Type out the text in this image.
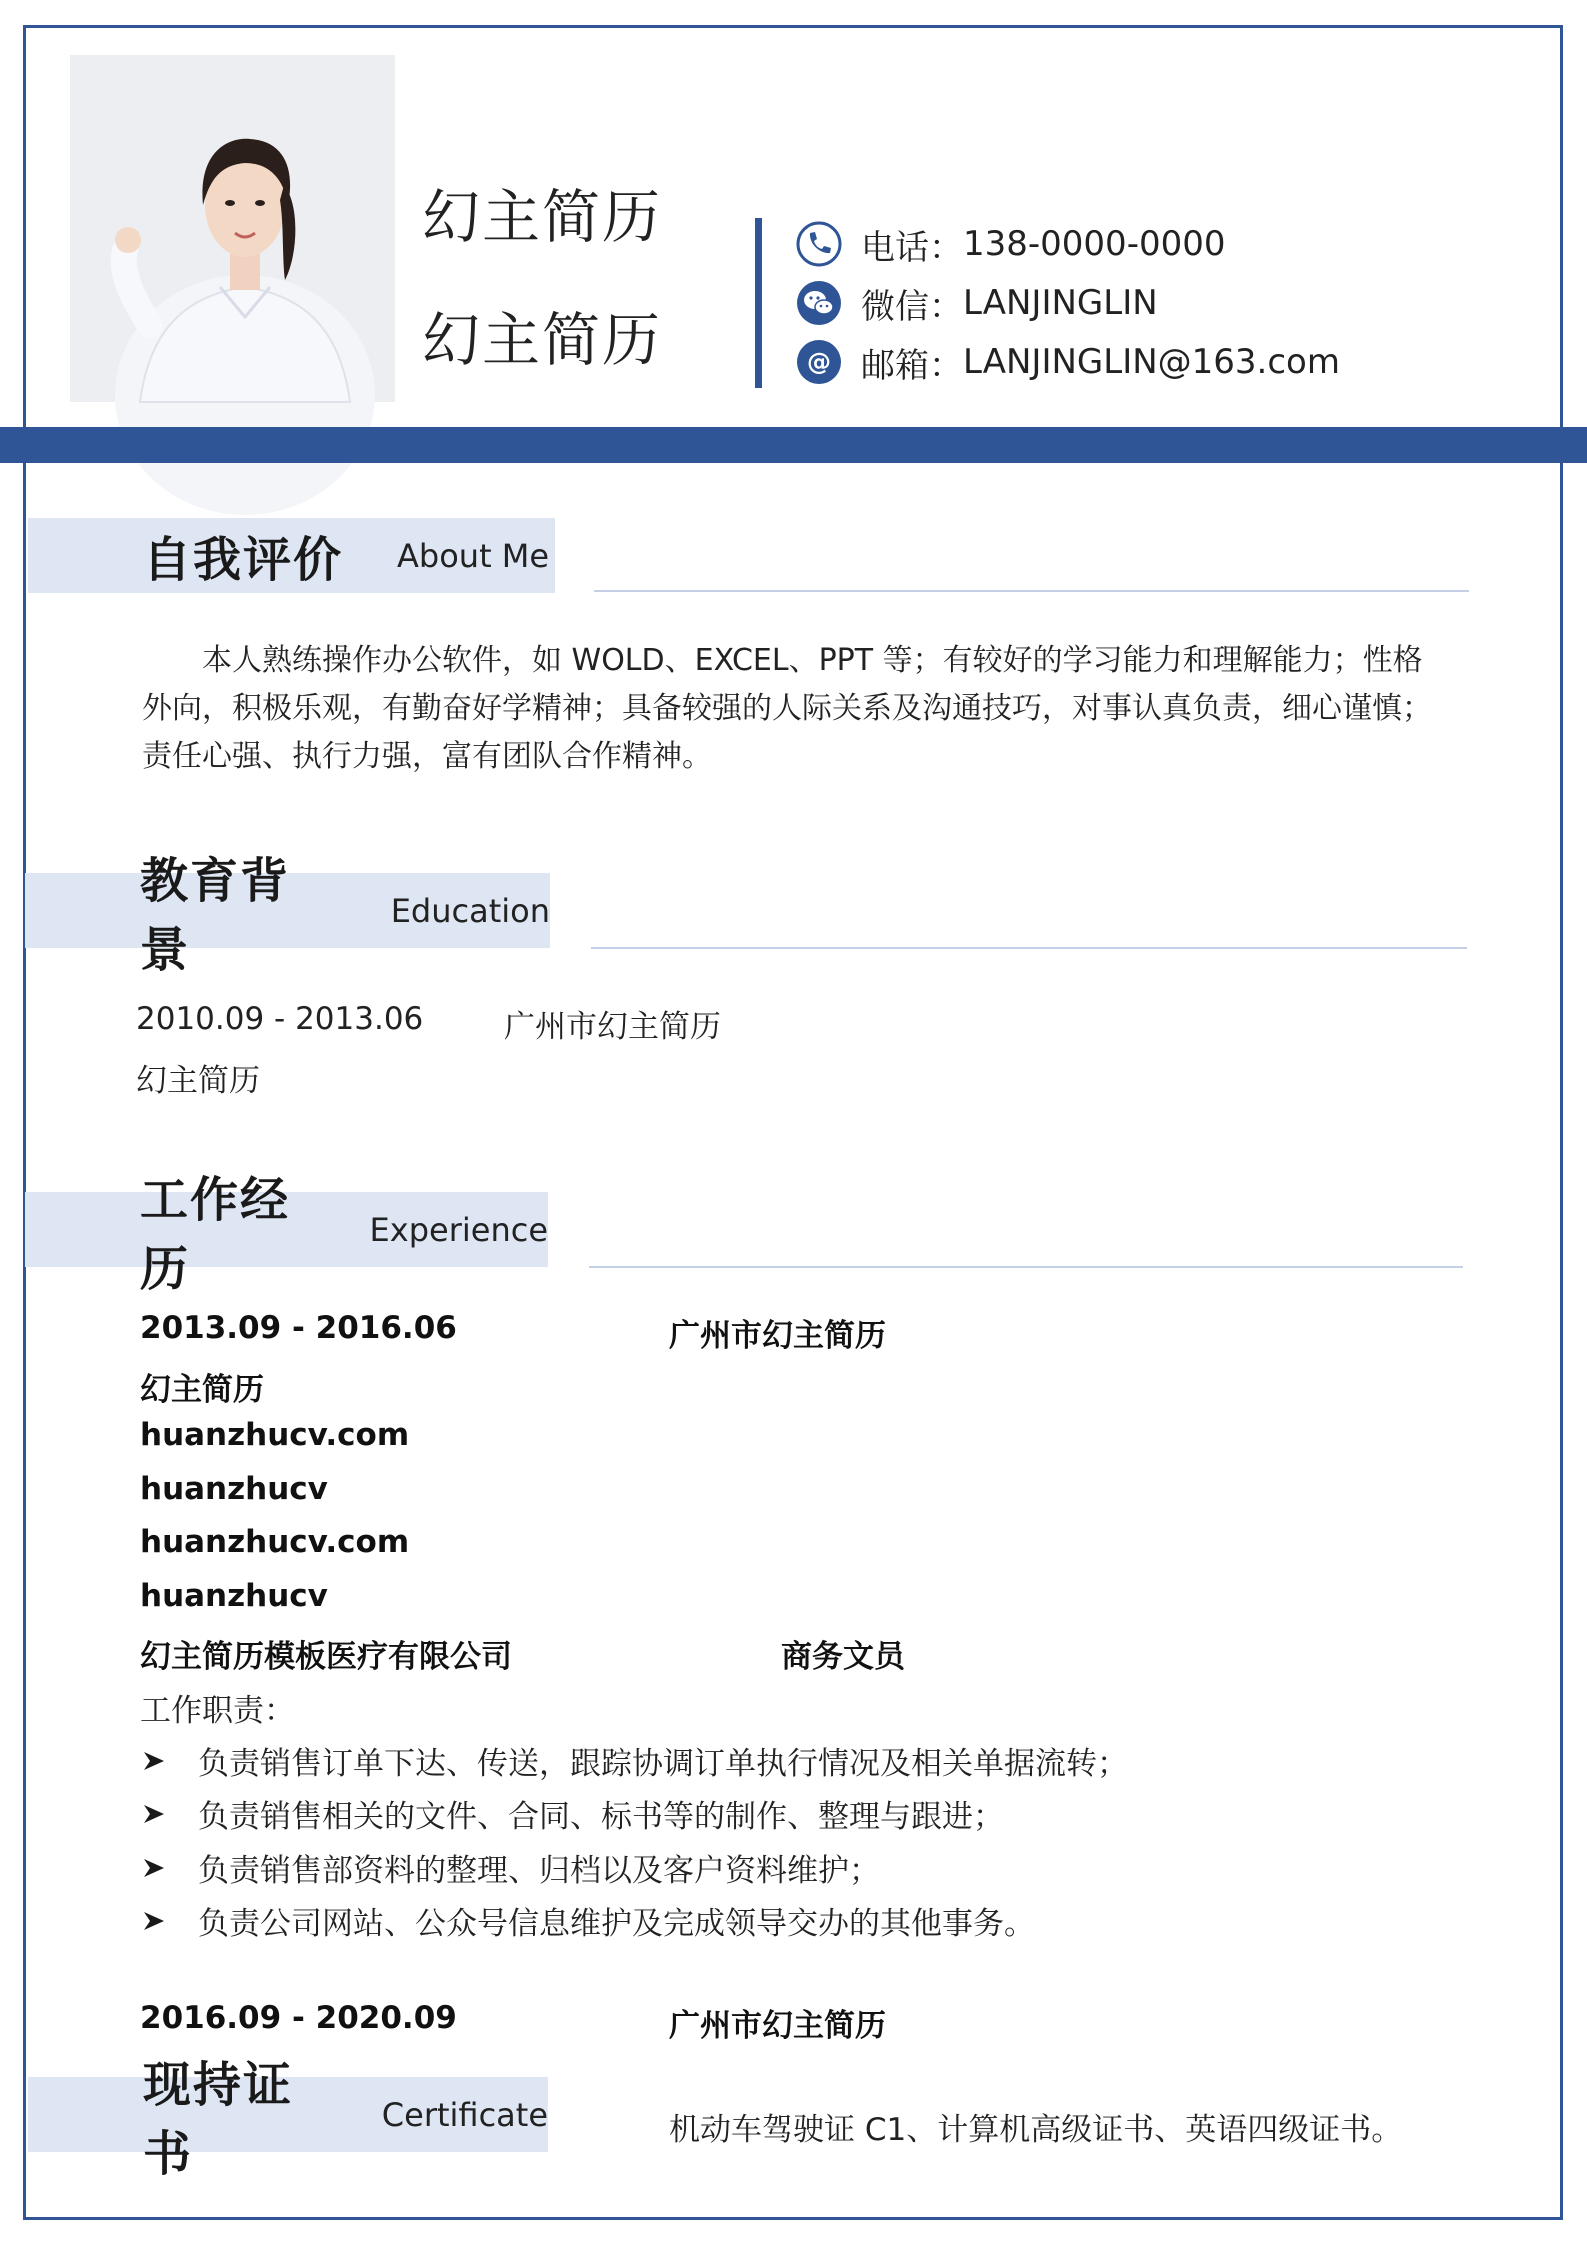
幻主简历
幻主简历
电话： 138-0000-0000
微信： LANJINGLIN
@ 邮箱： LANJINGLIN@163.com
自我评价 About Me
本人熟练操作办公软件，如 WOLD、EXCEL、PPT 等；有较好的学习能力和理解能力；性格外向，积极乐观，有勤奋好学精神；具备较强的人际关系及沟通技巧，对事认真负责，细心谨慎；责任心强、执行力强，富有团队合作精神。
教育背景
Education
2010.09 - 2013.06	广州市幻主简历
幻主简历
工作经历
Experience
2013.09 - 2016.06	广州市幻主简历
幻主简历
huanzhucv.com
huanzhucv
huanzhucv.com
huanzhucv
幻主简历模板医疗有限公司	商务文员
工作职责：
负责销售订单下达、传送，跟踪协调订单执行情况及相关单据流转；
负责销售相关的文件、合同、标书等的制作、整理与跟进；
负责销售部资料的整理、归档以及客户资料维护；
负责公司网站、公众号信息维护及完成领导交办的其他事务。
2016.09 - 2020.09	广州市幻主简历
现持证书
Certificate	机动车驾驶证 C1、计算机高级证书、英语四级证书。
